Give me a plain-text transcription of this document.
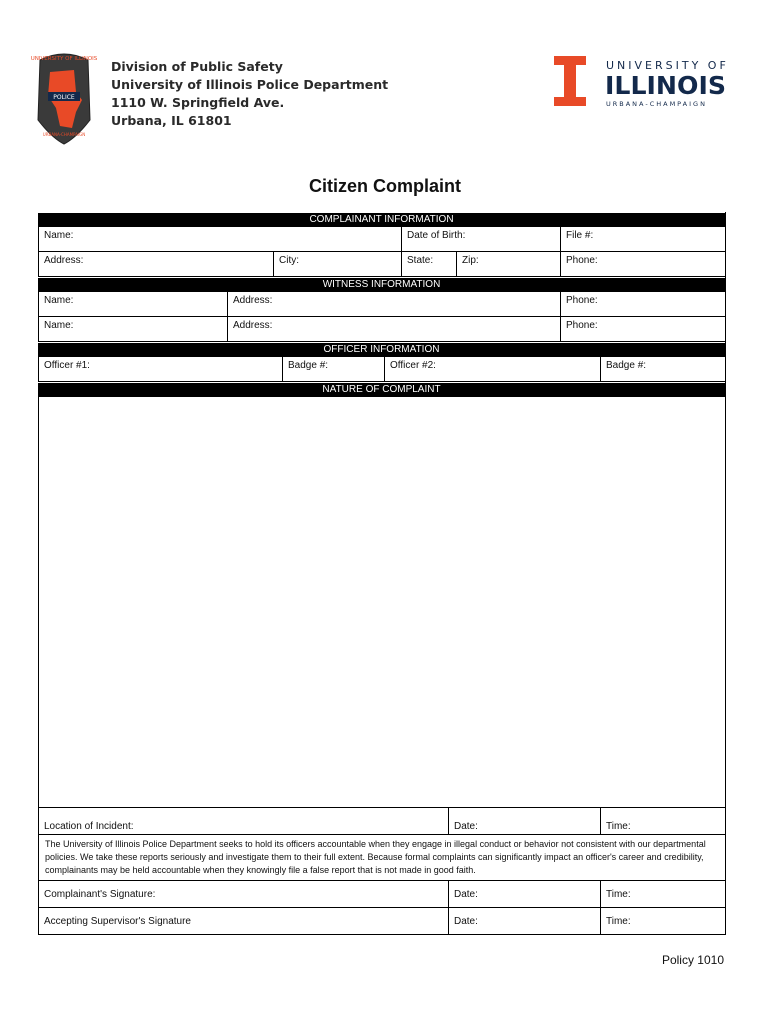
UNIVERSITY OF ILLINOIS
POLICE
URBANA-CHAMPAIGN
Division of Public Safety
University of Illinois Police Department
1110 W. Springfield Ave.
Urbana, IL 61801
UNIVERSITY OF
ILLINOIS
URBANA-CHAMPAIGN
Citizen Complaint
COMPLAINANT INFORMATION
Name:	Date of Birth:	File #:
Address:	City:	State:	Zip:	Phone:
WITNESS INFORMATION
Name:	Address:	Phone:
Name:	Address:	Phone:
OFFICER INFORMATION
Officer #1:	Badge #:	Officer #2:	Badge #:
NATURE OF COMPLAINT
Location of Incident:	Date:	Time:
The University of Illinois Police Department seeks to hold its officers accountable when they engage in illegal conduct or behavior not consistent with our departmental policies. We take these reports seriously and investigate them to their full extent. Because formal complaints can significantly impact an officer's career and credibility, complainants may be held accountable when they knowingly file a false report that is not made in good faith.
Complainant's Signature:	Date:	Time:
Accepting Supervisor's Signature	Date:	Time:
Policy 1010
